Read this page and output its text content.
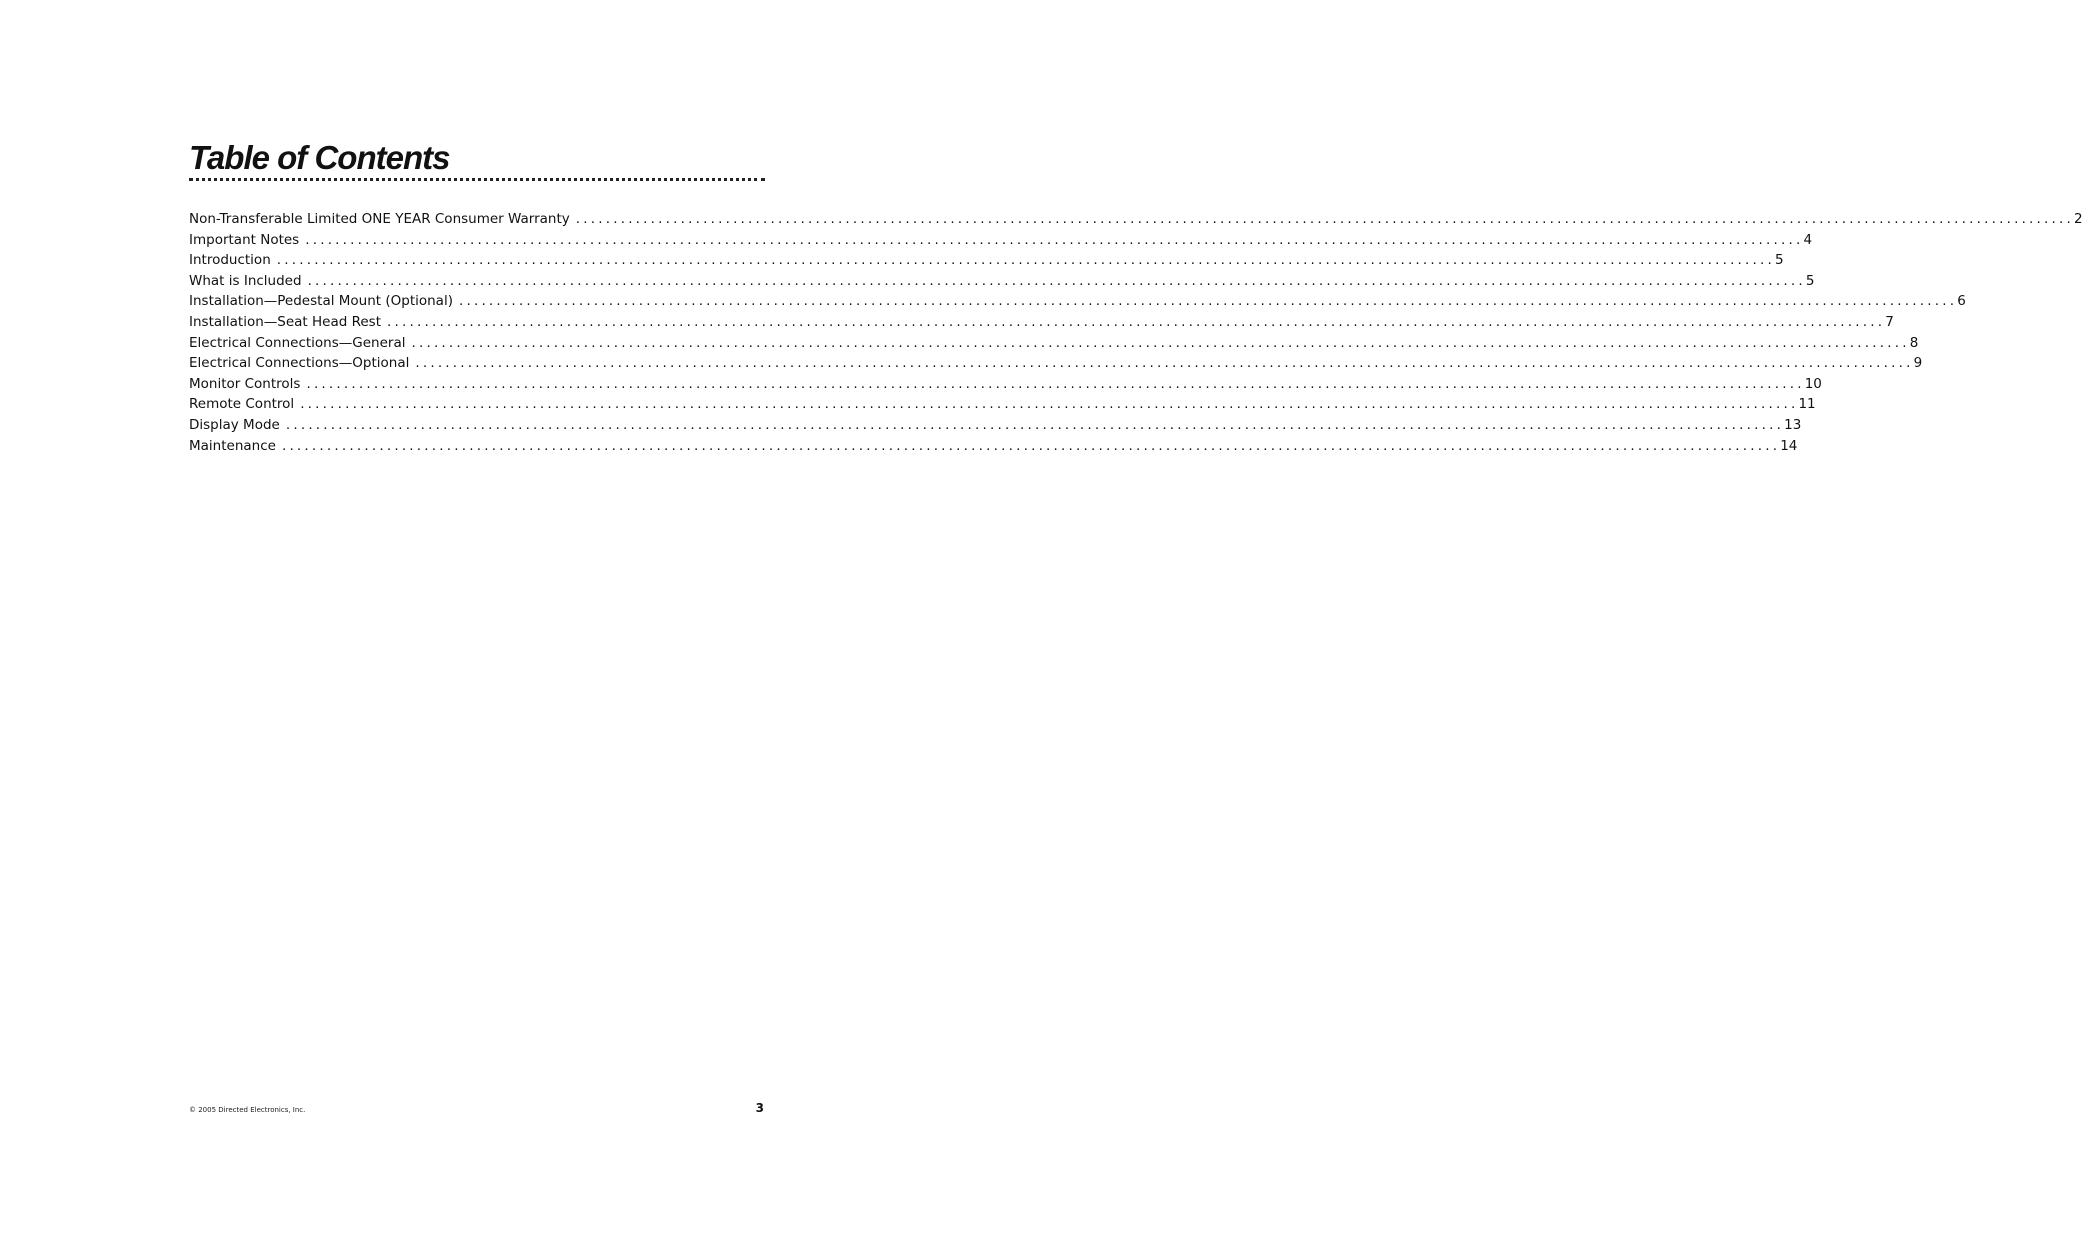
Table of Contents
Non-Transferable Limited ONE YEAR Consumer Warranty ........................................................................................................................................................................................................ 2
Important Notes ........................................................................................................................................................................................................ 4
Introduction ........................................................................................................................................................................................................ 5
What is Included ........................................................................................................................................................................................................ 5
Installation—Pedestal Mount (Optional) ........................................................................................................................................................................................................ 6
Installation—Seat Head Rest ........................................................................................................................................................................................................ 7
Electrical Connections—General ........................................................................................................................................................................................................ 8
Electrical Connections—Optional ........................................................................................................................................................................................................ 9
Monitor Controls ........................................................................................................................................................................................................ 10
Remote Control ........................................................................................................................................................................................................ 11
Display Mode ........................................................................................................................................................................................................ 13
Maintenance ........................................................................................................................................................................................................ 14
© 2005 Directed Electronics, Inc.	3
